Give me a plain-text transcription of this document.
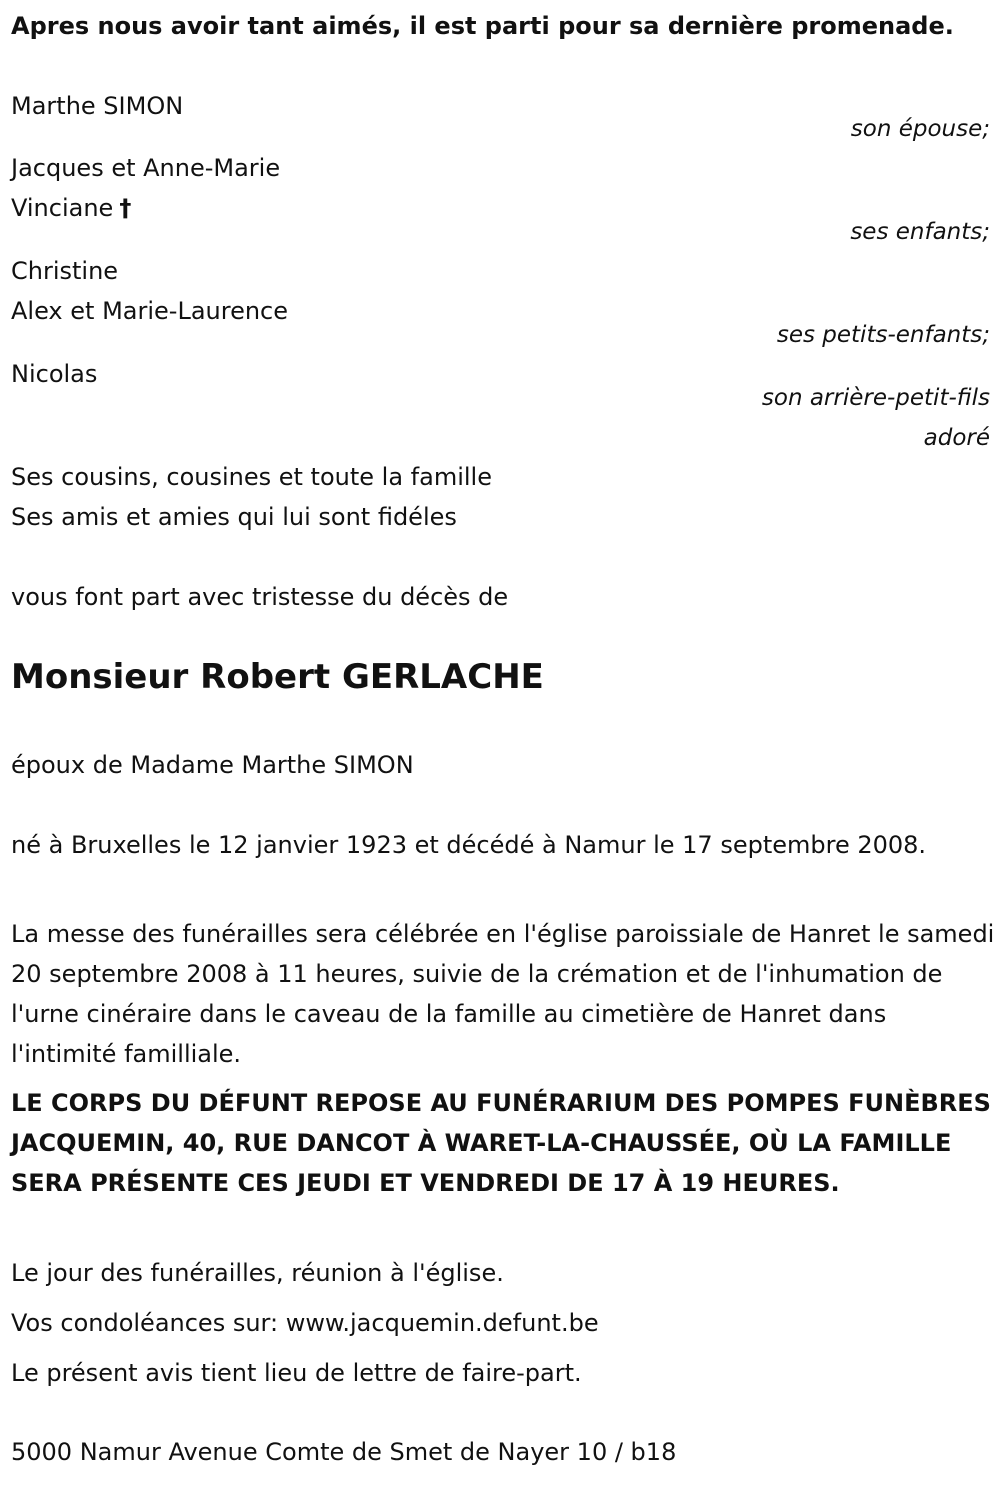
Apres nous avoir tant aimés, il est parti pour sa dernière promenade.

Marthe SIMON

son épouse;

Jacques et Anne-Marie

Vinciane †

ses enfants;

Christine

Alex et Marie-Laurence

ses petits-enfants;

Nicolas

son arrière-petit-fils

adoré

Ses cousins, cousines et toute la famille

Ses amis et amies qui lui sont fidéles

vous font part avec tristesse du décès de

Monsieur Robert GERLACHE

époux de Madame Marthe SIMON

né à Bruxelles le 12 janvier 1923 et décédé à Namur le 17 septembre 2008.

La messe des funérailles sera célébrée en l'église paroissiale de Hanret le samedi 20 septembre 2008 à 11 heures, suivie de la crémation et de l'inhumation de l'urne cinéraire dans le caveau de la famille au cimetière de Hanret dans l'intimité familliale.

LE CORPS DU DÉFUNT REPOSE AU FUNÉRARIUM DES POMPES FUNÈBRES JACQUEMIN, 40, RUE DANCOT À WARET-LA-CHAUSSÉE, OÙ LA FAMILLE SERA PRÉSENTE CES JEUDI ET VENDREDI DE 17 À 19 HEURES.

Le jour des funérailles, réunion à l'église.

Vos condoléances sur: www.jacquemin.defunt.be

Le présent avis tient lieu de lettre de faire-part.

5000 Namur Avenue Comte de Smet de Nayer 10 / b18
